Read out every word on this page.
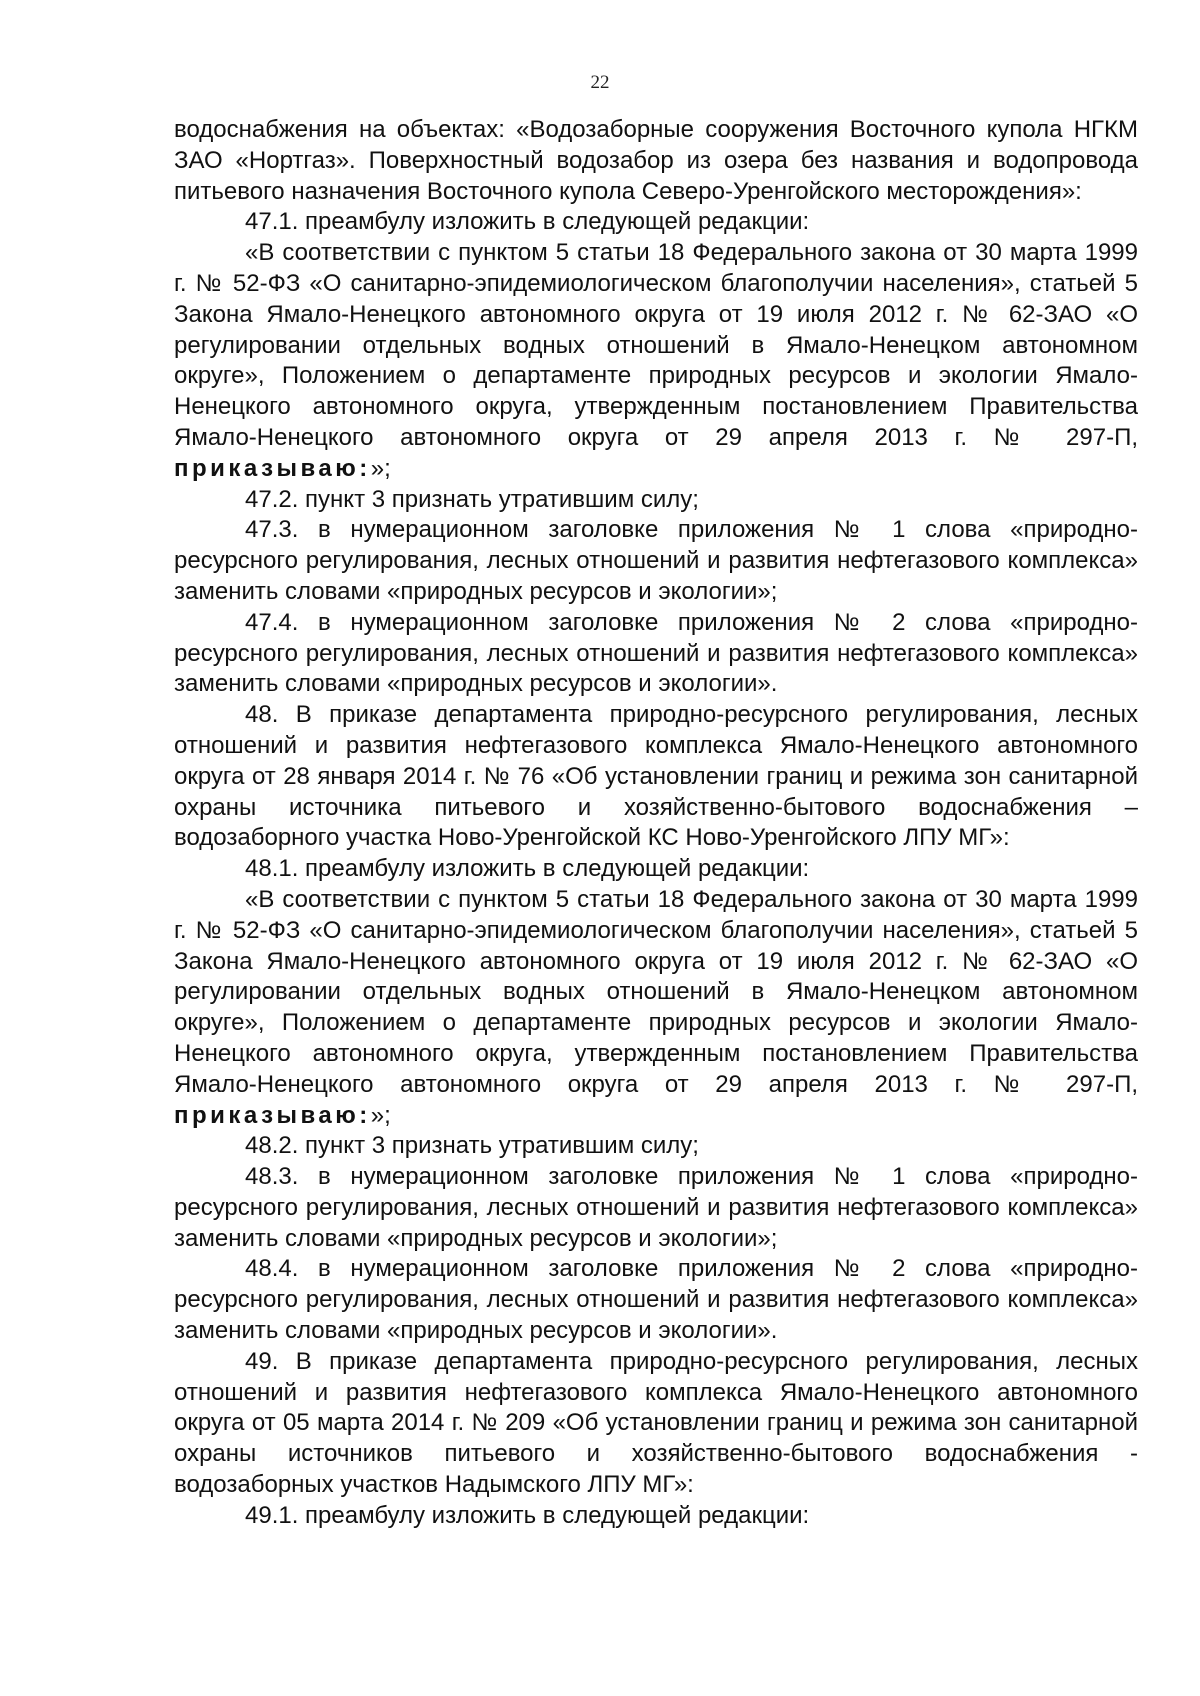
22

водоснабжения на объектах: «Водозаборные сооружения Восточного купола НГКМ ЗАО «Нортгаз». Поверхностный водозабор из озера без названия и водопровода питьевого назначения Восточного купола Северо-Уренгойского месторождения»:

47.1. преамбулу изложить в следующей редакции:

«В соответствии с пунктом 5 статьи 18 Федерального закона от 30 марта 1999 г. № 52-ФЗ «О санитарно-эпидемиологическом благополучии населения», статьей 5 Закона Ямало-Ненецкого автономного округа от 19 июля 2012 г. № 62-ЗАО «О регулировании отдельных водных отношений в Ямало-Ненецком автономном округе», Положением о департаменте природных ресурсов и экологии Ямало-Ненецкого автономного округа, утвержденным постановлением Правительства Ямало-Ненецкого автономного округа от 29 апреля 2013 г. № 297-П, приказываю:»;

47.2. пункт 3 признать утратившим силу;

47.3. в нумерационном заголовке приложения № 1 слова «природно-ресурсного регулирования, лесных отношений и развития нефтегазового комплекса» заменить словами «природных ресурсов и экологии»;

47.4. в нумерационном заголовке приложения № 2 слова «природно-ресурсного регулирования, лесных отношений и развития нефтегазового комплекса» заменить словами «природных ресурсов и экологии».

48. В приказе департамента природно-ресурсного регулирования, лесных отношений и развития нефтегазового комплекса Ямало-Ненецкого автономного округа от 28 января 2014 г. № 76 «Об установлении границ и режима зон санитарной охраны источника питьевого и хозяйственно-бытового водоснабжения – водозаборного участка Ново-Уренгойской КС Ново-Уренгойского ЛПУ МГ»:

48.1. преамбулу изложить в следующей редакции:

«В соответствии с пунктом 5 статьи 18 Федерального закона от 30 марта 1999 г. № 52-ФЗ «О санитарно-эпидемиологическом благополучии населения», статьей 5 Закона Ямало-Ненецкого автономного округа от 19 июля 2012 г. № 62-ЗАО «О регулировании отдельных водных отношений в Ямало-Ненецком автономном округе», Положением о департаменте природных ресурсов и экологии Ямало-Ненецкого автономного округа, утвержденным постановлением Правительства Ямало-Ненецкого автономного округа от 29 апреля 2013 г. № 297-П, приказываю:»;

48.2. пункт 3 признать утратившим силу;

48.3. в нумерационном заголовке приложения № 1 слова «природно-ресурсного регулирования, лесных отношений и развития нефтегазового комплекса» заменить словами «природных ресурсов и экологии»;

48.4. в нумерационном заголовке приложения № 2 слова «природно-ресурсного регулирования, лесных отношений и развития нефтегазового комплекса» заменить словами «природных ресурсов и экологии».

49. В приказе департамента природно-ресурсного регулирования, лесных отношений и развития нефтегазового комплекса Ямало-Ненецкого автономного округа от 05 марта 2014 г. № 209 «Об установлении границ и режима зон санитарной охраны источников питьевого и хозяйственно-бытового водоснабжения - водозаборных участков Надымского ЛПУ МГ»:

49.1. преамбулу изложить в следующей редакции:
